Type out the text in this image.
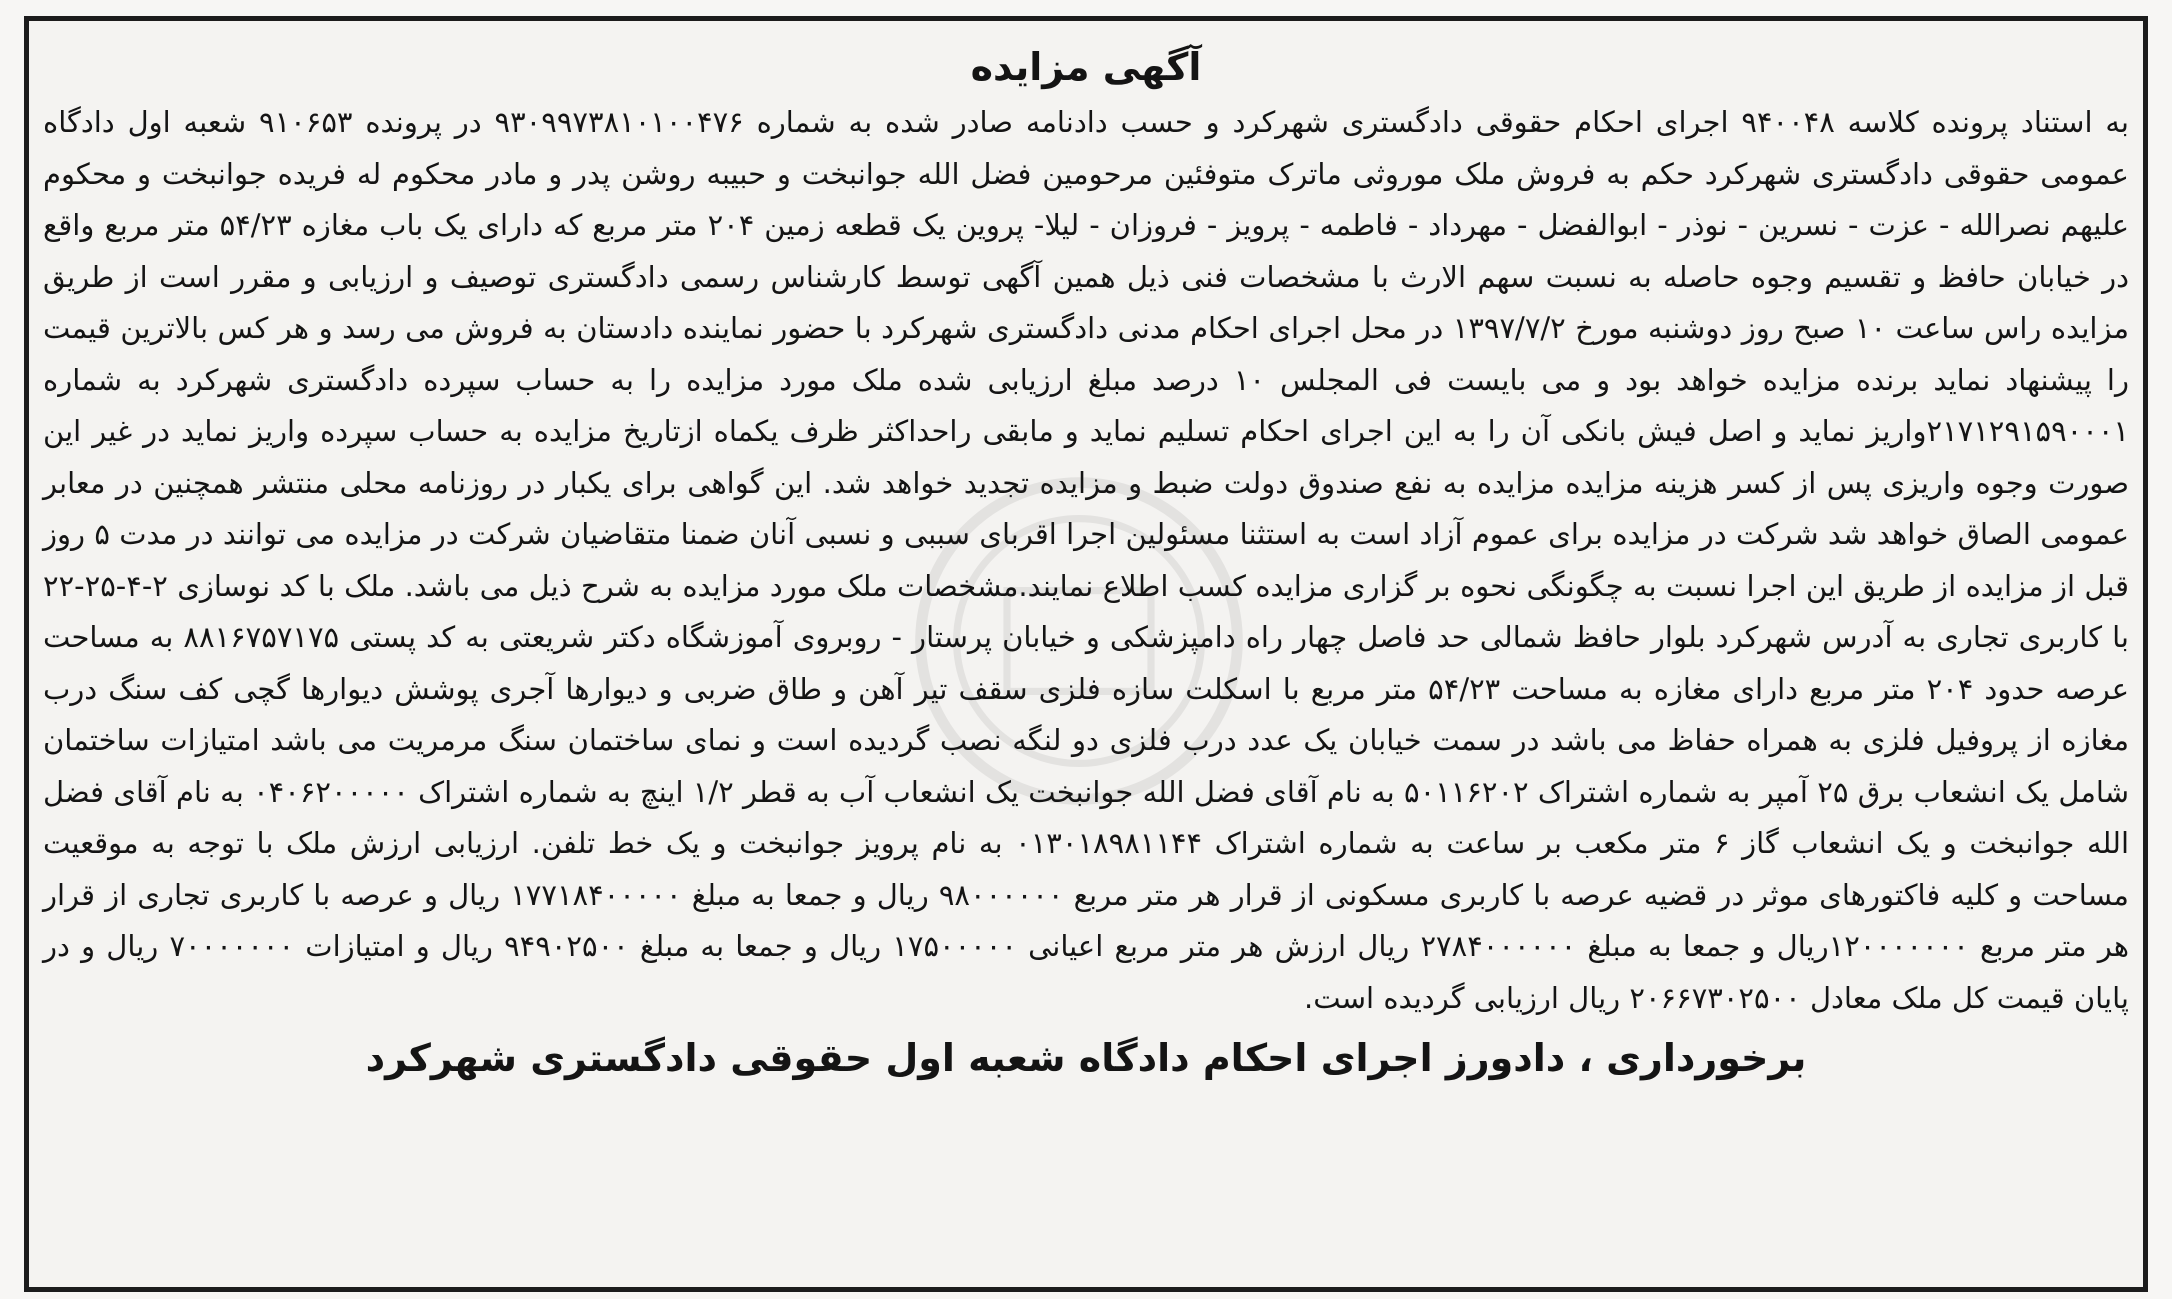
آگهی مزایده

به استناد پرونده کلاسه ۹۴۰۰۴۸ اجرای احکام حقوقی دادگستری شهرکرد و حسب دادنامه صادر شده به شماره ۹۳۰۹۹۷۳۸۱۰۱۰۰۴۷۶ در پرونده ۹۱۰۶۵۳ شعبه اول دادگاه عمومی حقوقی دادگستری شهرکرد حکم به فروش ملک موروثی ماترک متوفئین مرحومین فضل الله جوانبخت و حبیبه روشن پدر و مادر محکوم له فریده جوانبخت و محکوم علیهم نصرالله - عزت - نسرین - نوذر - ابوالفضل - مهرداد - فاطمه - پرویز - فروزان - لیلا- پروین یک قطعه زمین ۲۰۴ متر مربع که دارای یک باب مغازه ۵۴/۲۳ متر مربع واقع در خیابان حافظ و تقسیم وجوه حاصله به نسبت سهم الارث با مشخصات فنی ذیل همین آگهی توسط کارشناس رسمی دادگستری توصیف و ارزیابی و مقرر است از طریق مزایده راس ساعت ۱۰ صبح روز دوشنبه مورخ ۱۳۹۷/۷/۲ در محل اجرای احکام مدنی دادگستری شهرکرد با حضور نماینده دادستان به فروش می رسد و هر کس بالاترین قیمت را پیشنهاد نماید برنده مزایده خواهد بود و می بایست فی المجلس ۱۰ درصد مبلغ ارزیابی شده ملک مورد مزایده را به حساب سپرده دادگستری شهرکرد به شماره ۲۱۷۱۲۹۱۵۹۰۰۰۱واریز نماید و اصل فیش بانکی آن را به این اجرای احکام تسلیم نماید و مابقی راحداکثر ظرف یکماه ازتاریخ مزایده به حساب سپرده واریز نماید در غیر این صورت وجوه واریزی پس از کسر هزینه مزایده مزایده به نفع صندوق دولت ضبط و مزایده تجدید خواهد شد. این گواهی برای یکبار در روزنامه محلی منتشر همچنین در معابر عمومی الصاق خواهد شد شرکت در مزایده برای عموم آزاد است به استثنا مسئولین اجرا اقربای سببی و نسبی آنان ضمنا متقاضیان شرکت در مزایده می توانند در مدت ۵ روز قبل از مزایده از طریق این اجرا نسبت به چگونگی نحوه بر گزاری مزایده کسب اطلاع نمایند.مشخصات ملک مورد مزایده به شرح ذیل می باشد. ملک با کد نوسازی ۲-۴-۲۵-۲۲ با کاربری تجاری به آدرس شهرکرد بلوار حافظ شمالی حد فاصل چهار راه دامپزشکی و خیابان پرستار - روبروی آموزشگاه دکتر شریعتی به کد پستی ۸۸۱۶۷۵۷۱۷۵ به مساحت عرصه حدود ۲۰۴ متر مربع دارای مغازه به مساحت ۵۴/۲۳ متر مربع با اسکلت سازه فلزی سقف تیر آهن و طاق ضربی و دیوارها آجری پوشش دیوارها گچی کف سنگ درب مغازه از پروفیل فلزی به همراه حفاظ می باشد در سمت خیابان یک عدد درب فلزی دو لنگه نصب گردیده است و نمای ساختمان سنگ مرمریت می باشد امتیازات ساختمان شامل یک انشعاب برق ۲۵ آمپر به شماره اشتراک ۵۰۱۱۶۲۰۲ به نام آقای فضل الله جوانبخت یک انشعاب آب به قطر ۱/۲ اینچ به شماره اشتراک ۰۴۰۶۲۰۰۰۰۰ به نام آقای فضل الله جوانبخت و یک انشعاب گاز ۶ متر مکعب بر ساعت به شماره اشتراک ۰۱۳۰۱۸۹۸۱۱۴۴ به نام پرویز جوانبخت و یک خط تلفن. ارزیابی ارزش ملک با توجه به موقعیت مساحت و کلیه فاکتورهای موثر در قضیه عرصه با کاربری مسکونی از قرار هر متر مربع ۹۸۰۰۰۰۰۰ ریال و جمعا به مبلغ ۱۷۷۱۸۴۰۰۰۰۰ ریال و عرصه با کاربری تجاری از قرار هر متر مربع ۱۲۰۰۰۰۰۰۰ریال و جمعا به مبلغ ۲۷۸۴۰۰۰۰۰۰ ریال ارزش هر متر مربع اعیانی ۱۷۵۰۰۰۰۰ ریال و جمعا به مبلغ ۹۴۹۰۲۵۰۰ ریال و امتیازات ۷۰۰۰۰۰۰۰ ریال و در پایان قیمت کل ملک معادل ۲۰۶۶۷۳۰۲۵۰۰ ریال ارزیابی گردیده است.

برخورداری ، دادورز اجرای احکام دادگاه شعبه اول حقوقی دادگستری شهرکرد
